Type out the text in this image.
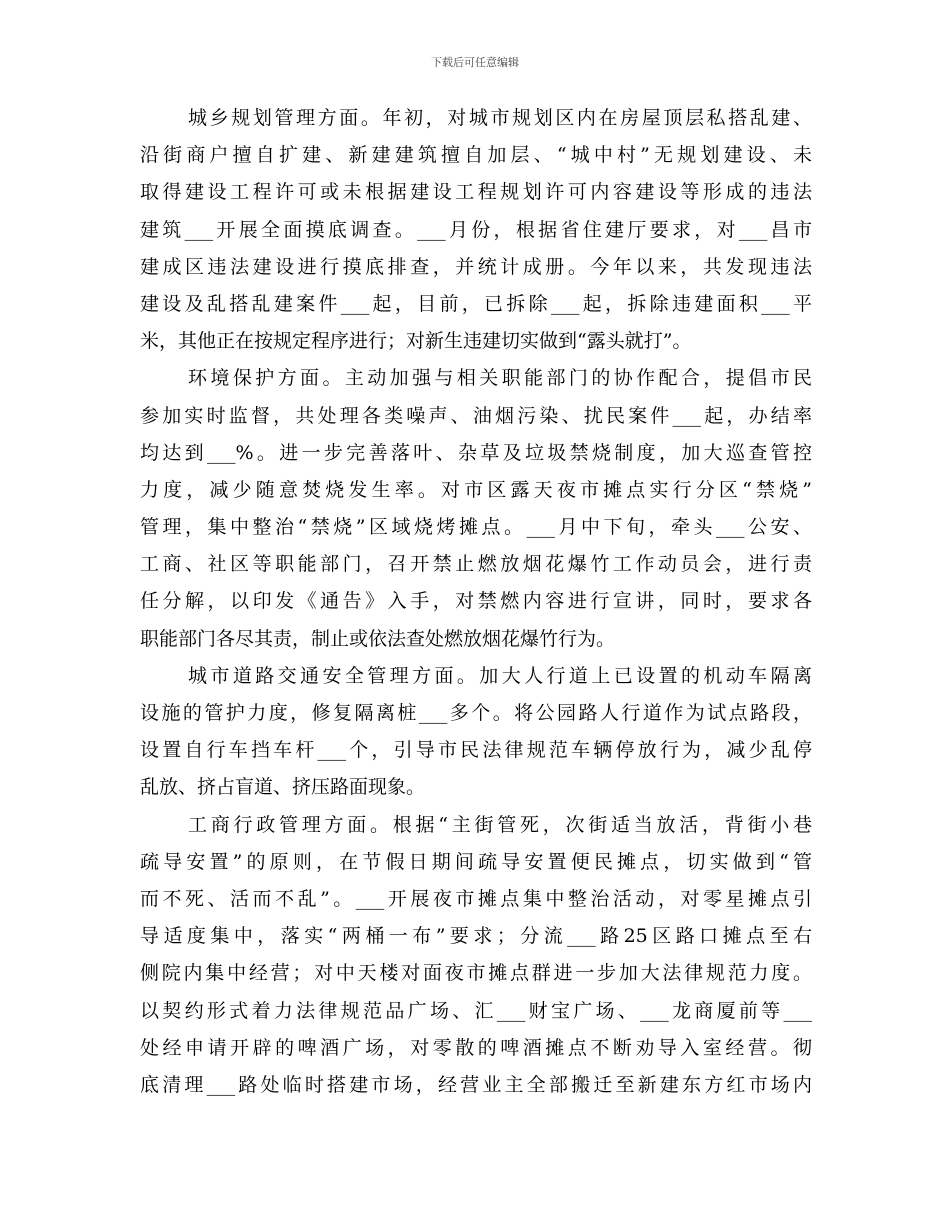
下载后可任意编辑
城乡规划管理方面。年初，对城市规划区内在房屋顶层私搭乱建、
沿街商户擅自扩建、新建建筑擅自加层、“城中村”无规划建设、未
取得建设工程许可或未根据建设工程规划许可内容建设等形成的违法
建筑___开展全面摸底调查。___月份，根据省住建厅要求，对___昌市
建成区违法建设进行摸底排查，并统计成册。今年以来，共发现违法
建设及乱搭乱建案件___起，目前，已拆除___起，拆除违建面积___平
米，其他正在按规定程序进行；对新生违建切实做到“露头就打”。
环境保护方面。主动加强与相关职能部门的协作配合，提倡市民
参加实时监督，共处理各类噪声、油烟污染、扰民案件___起，办结率
均达到___%。进一步完善落叶、杂草及垃圾禁烧制度，加大巡查管控
力度，减少随意焚烧发生率。对市区露天夜市摊点实行分区“禁烧”
管理，集中整治“禁烧”区域烧烤摊点。___月中下旬，牵头___公安、
工商、社区等职能部门，召开禁止燃放烟花爆竹工作动员会，进行责
任分解，以印发《通告》入手，对禁燃内容进行宣讲，同时，要求各
职能部门各尽其责，制止或依法查处燃放烟花爆竹行为。
城市道路交通安全管理方面。加大人行道上已设置的机动车隔离
设施的管护力度，修复隔离桩___多个。将公园路人行道作为试点路段，
设置自行车挡车杆___个，引导市民法律规范车辆停放行为，减少乱停
乱放、挤占盲道、挤压路面现象。
工商行政管理方面。根据“主街管死，次街适当放活，背街小巷
疏导安置”的原则，在节假日期间疏导安置便民摊点，切实做到“管
而不死、活而不乱”。___开展夜市摊点集中整治活动，对零星摊点引
导适度集中，落实“两桶一布”要求；分流___路25区路口摊点至右
侧院内集中经营；对中天楼对面夜市摊点群进一步加大法律规范力度。
以契约形式着力法律规范品广场、汇___财宝广场、___龙商厦前等___
处经申请开辟的啤酒广场，对零散的啤酒摊点不断劝导入室经营。彻
底清理___路处临时搭建市场，经营业主全部搬迁至新建东方红市场内
